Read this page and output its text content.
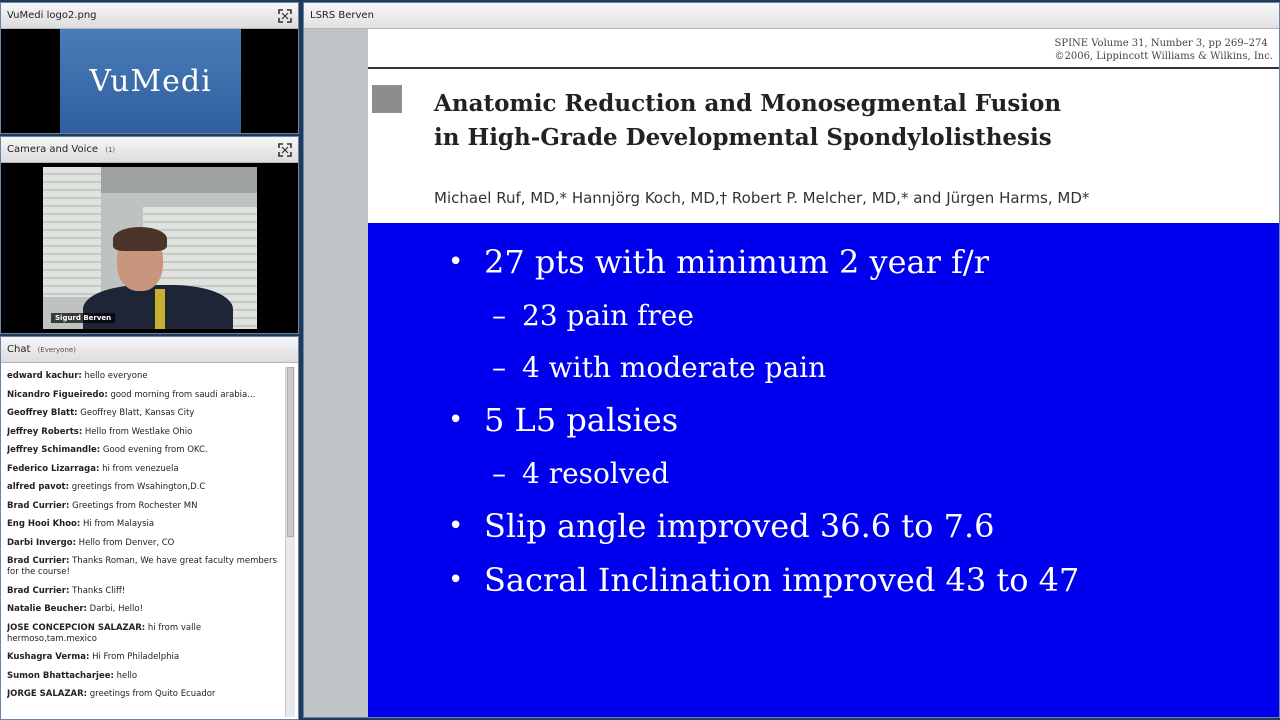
VuMedi logo2.png
VuMedi
Camera and Voice (1)
Sigurd Berven
Chat (Everyone)
edward kachur: hello everyone
Nicandro Figueiredo: good morning from saudi arabia...
Geoffrey Blatt: Geoffrey Blatt, Kansas City
Jeffrey Roberts: Hello from Westlake Ohio
Jeffrey Schimandle: Good evening from OKC.
Federico Lizarraga: hi from venezuela
alfred pavot: greetings from Wsahington,D.C
Brad Currier: Greetings from Rochester MN
Eng Hooi Khoo: Hi from Malaysia
Darbi Invergo: Hello from Denver, CO
Brad Currier: Thanks Roman, We have great faculty members for the course!
Brad Currier: Thanks Cliff!
Natalie Beucher: Darbi, Hello!
JOSE CONCEPCION SALAZAR: hi from valle hermoso,tam.mexico
Kushagra Verma: Hi From Philadelphia
Sumon Bhattacharjee: hello
JORGE SALAZAR: greetings from Quito Ecuador
LSRS Berven
SPINE Volume 31, Number 3, pp 269–274
©2006, Lippincott Williams & Wilkins, Inc.
Anatomic Reduction and Monosegmental Fusion
in High-Grade Developmental Spondylolisthesis
Michael Ruf, MD,* Hannjörg Koch, MD,† Robert P. Melcher, MD,* and Jürgen Harms, MD*
• 27 pts with minimum 2 year f/r
– 23 pain free
– 4 with moderate pain
• 5 L5 palsies
– 4 resolved
• Slip angle improved 36.6 to 7.6
• Sacral Inclination improved 43 to 47
